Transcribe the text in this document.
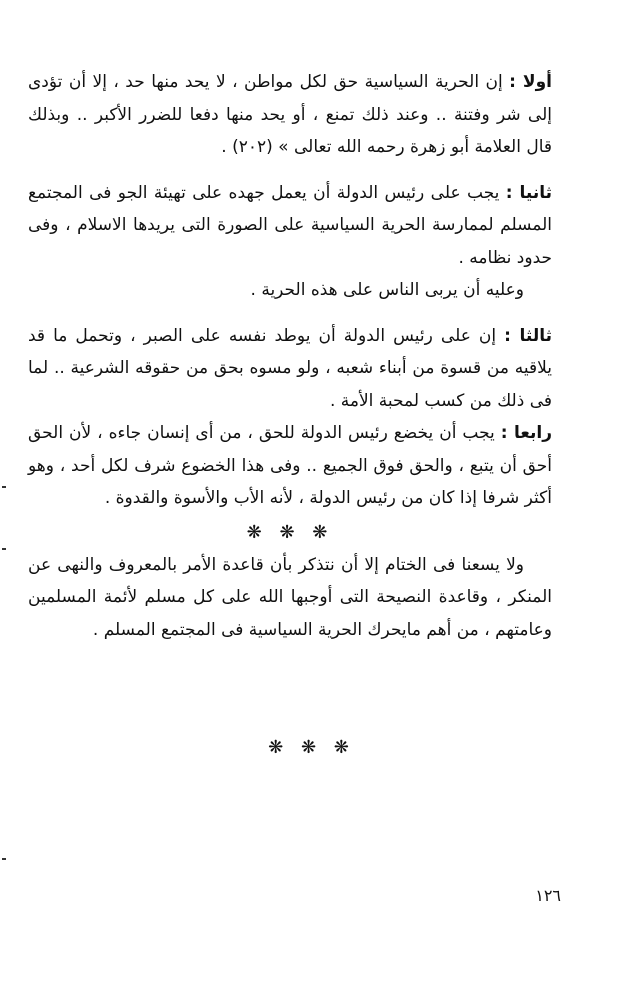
أولا : إن الحرية السياسية حق لكل مواطن ، لا يحد منها حد ، إلا أن تؤدى إلى شر وفتنة .. وعند ذلك تمنع ، أو يحد منها دفعا للضرر الأكبر .. وبذلك قال العلامة أبو زهرة رحمه الله تعالى » (٢٠٢) .

ثانيا : يجب على رئيس الدولة أن يعمل جهده على تهيئة الجو فى المجتمع المسلم لممارسة الحرية السياسية على الصورة التى يريدها الاسلام ، وفى حدود نظامه .

وعليه أن يربى الناس على هذه الحرية .

ثالثا : إن على رئيس الدولة أن يوطد نفسه على الصبر ، وتحمل ما قد يلاقيه من قسوة من أبناء شعبه ، ولو مسوه بحق من حقوقه الشرعية .. لما فى ذلك من كسب لمحبة الأمة .

رابعا : يجب أن يخضع رئيس الدولة للحق ، من أى إنسان جاءه ، لأن الحق أحق أن يتبع ، والحق فوق الجميع .. وفى هذا الخضوع شرف لكل أحد ، وهو أكثر شرفا إذا كان من رئيس الدولة ، لأنه الأب والأسوة والقدوة .

❋ ❋ ❋

ولا يسعنا فى الختام إلا أن نتذكر بأن قاعدة الأمر بالمعروف والنهى عن المنكر ، وقاعدة النصيحة التى أوجبها الله على كل مسلم لأئمة المسلمين وعامتهم ، من أهم مايحرك الحرية السياسية فى المجتمع المسلم .

❋ ❋ ❋
١٢٦
